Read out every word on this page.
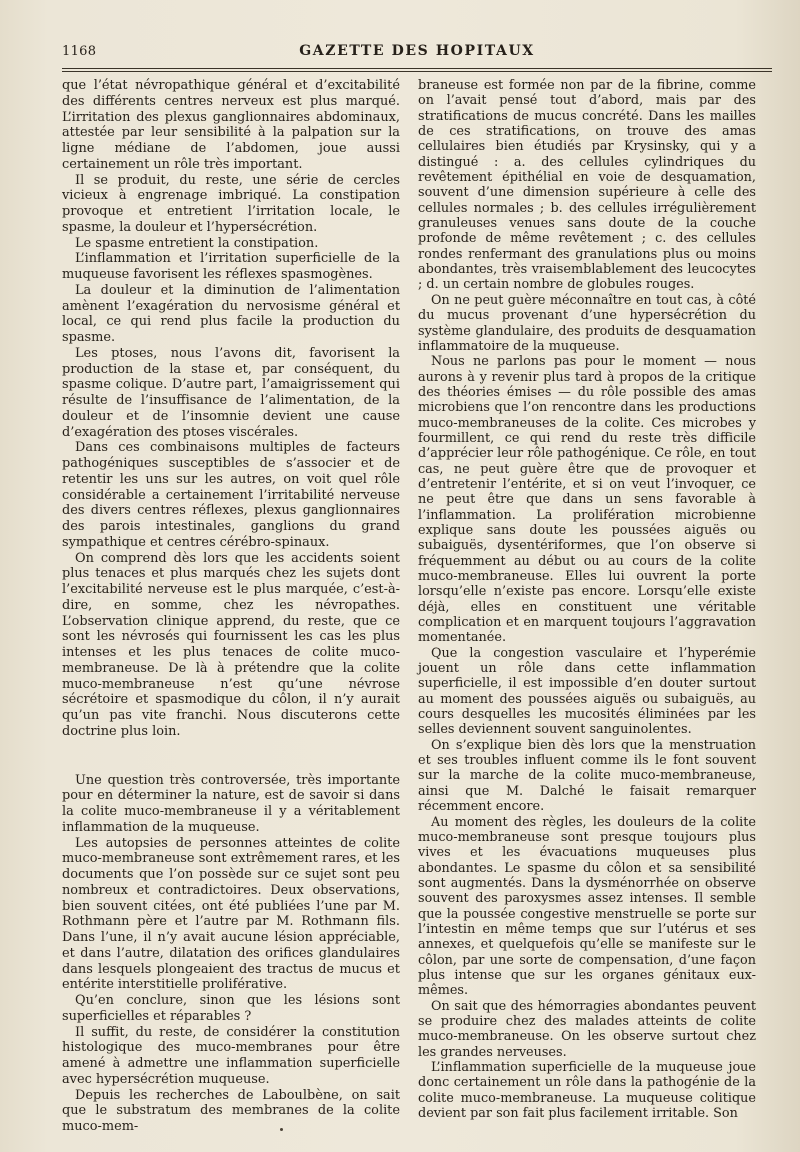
1168	GAZETTE DES HOPITAUX

que l’état névropathique général et d’excitabilité des différents centres nerveux est plus marqué. L’irritation des plexus ganglionnaires abdominaux, attestée par leur sensibilité à la palpation sur la ligne médiane de l’abdomen, joue aussi certainement un rôle très important.

Il se produit, du reste, une série de cercles vicieux à engrenage imbriqué. La constipation provoque et entretient l’irritation locale, le spasme, la douleur et l’hypersécrétion.

Le spasme entretient la constipation.

L’inflammation et l’irritation superficielle de la muqueuse favorisent les réflexes spasmogènes.

La douleur et la diminution de l’alimentation amènent l’exagération du nervosisme général et local, ce qui rend plus facile la production du spasme.

Les ptoses, nous l’avons dit, favorisent la production de la stase et, par conséquent, du spasme colique. D’autre part, l’amaigrissement qui résulte de l’insuffisance de l’alimentation, de la douleur et de l’insomnie devient une cause d’exagération des ptoses viscérales.

Dans ces combinaisons multiples de facteurs pathogéniques susceptibles de s’associer et de retentir les uns sur les autres, on voit quel rôle considérable a certainement l’irritabilité nerveuse des divers centres réflexes, plexus ganglionnaires des parois intestinales, ganglions du grand sympathique et centres cérébro-spinaux.

On comprend dès lors que les accidents soient plus tenaces et plus marqués chez les sujets dont l’excitabilité nerveuse est le plus marquée, c’est-à-dire, en somme, chez les névropathes. L’observation clinique apprend, du reste, que ce sont les névrosés qui fournissent les cas les plus intenses et les plus tenaces de colite muco-membraneuse. De là à prétendre que la colite muco-membraneuse n’est qu’une névrose sécrétoire et spasmodique du côlon, il n’y aurait qu’un pas vite franchi. Nous discuterons cette doctrine plus loin.

Une question très controversée, très importante pour en déterminer la nature, est de savoir si dans la colite muco-membraneuse il y a véritablement inflammation de la muqueuse.

Les autopsies de personnes atteintes de colite muco-membraneuse sont extrêmement rares, et les documents que l’on possède sur ce sujet sont peu nombreux et contradictoires. Deux observations, bien souvent citées, ont été publiées l’une par M. Rothmann père et l’autre par M. Rothmann fils. Dans l’une, il n’y avait aucune lésion appréciable, et dans l’autre, dilatation des orifices glandulaires dans lesquels plongeaient des tractus de mucus et entérite interstitielle proliférative.

Qu’en conclure, sinon que les lésions sont superficielles et réparables ?

Il suffit, du reste, de considérer la constitution histologique des muco-membranes pour être amené à admettre une inflammation superficielle avec hypersécrétion muqueuse.

Depuis les recherches de Laboulbène, on sait que le substratum des membranes de la colite muco-mem-

braneuse est formée non par de la fibrine, comme on l’avait pensé tout d’abord, mais par des stratifications de mucus concrété. Dans les mailles de ces stratifications, on trouve des amas cellulaires bien étudiés par Krysinsky, qui y a distingué : a. des cellules cylindriques du revêtement épithélial en voie de desquamation, souvent d’une dimension supérieure à celle des cellules normales ; b. des cellules irrégulièrement granuleuses venues sans doute de la couche profonde de même revêtement ; c. des cellules rondes renfermant des granulations plus ou moins abondantes, très vraisemblablement des leucocytes ; d. un certain nombre de globules rouges.

On ne peut guère méconnaître en tout cas, à côté du mucus provenant d’une hypersécrétion du système glandulaire, des produits de desquamation inflammatoire de la muqueuse.

Nous ne parlons pas pour le moment — nous aurons à y revenir plus tard à propos de la critique des théories émises — du rôle possible des amas microbiens que l’on rencontre dans les productions muco-membraneuses de la colite. Ces microbes y fourmillent, ce qui rend du reste très difficile d’apprécier leur rôle pathogénique. Ce rôle, en tout cas, ne peut guère être que de provoquer et d’entretenir l’entérite, et si on veut l’invoquer, ce ne peut être que dans un sens favorable à l’inflammation. La prolifération microbienne explique sans doute les poussées aiguës ou subaiguës, dysentériformes, que l’on observe si fréquemment au début ou au cours de la colite muco-membraneuse. Elles lui ouvrent la porte lorsqu’elle n’existe pas encore. Lorsqu’elle existe déjà, elles en constituent une véritable complication et en marquent toujours l’aggravation momentanée.

Que la congestion vasculaire et l’hyperémie jouent un rôle dans cette inflammation superficielle, il est impossible d’en douter surtout au moment des poussées aiguës ou subaiguës, au cours desquelles les mucosités éliminées par les selles deviennent souvent sanguinolentes.

On s’explique bien dès lors que la menstruation et ses troubles influent comme ils le font souvent sur la marche de la colite muco-membraneuse, ainsi que M. Dalché le faisait remarquer récemment encore.

Au moment des règles, les douleurs de la colite muco-membraneuse sont presque toujours plus vives et les évacuations muqueuses plus abondantes. Le spasme du côlon et sa sensibilité sont augmentés. Dans la dysménorrhée on observe souvent des paroxysmes assez intenses. Il semble que la poussée congestive menstruelle se porte sur l’intestin en même temps que sur l’utérus et ses annexes, et quelquefois qu’elle se manifeste sur le côlon, par une sorte de compensation, d’une façon plus intense que sur les organes génitaux eux-mêmes.

On sait que des hémorragies abondantes peuvent se produire chez des malades atteints de colite muco-membraneuse. On les observe surtout chez les grandes nerveuses.

L’inflammation superficielle de la muqueuse joue donc certainement un rôle dans la pathogénie de la colite muco-membraneuse. La muqueuse colitique devient par son fait plus facilement irritable. Son
